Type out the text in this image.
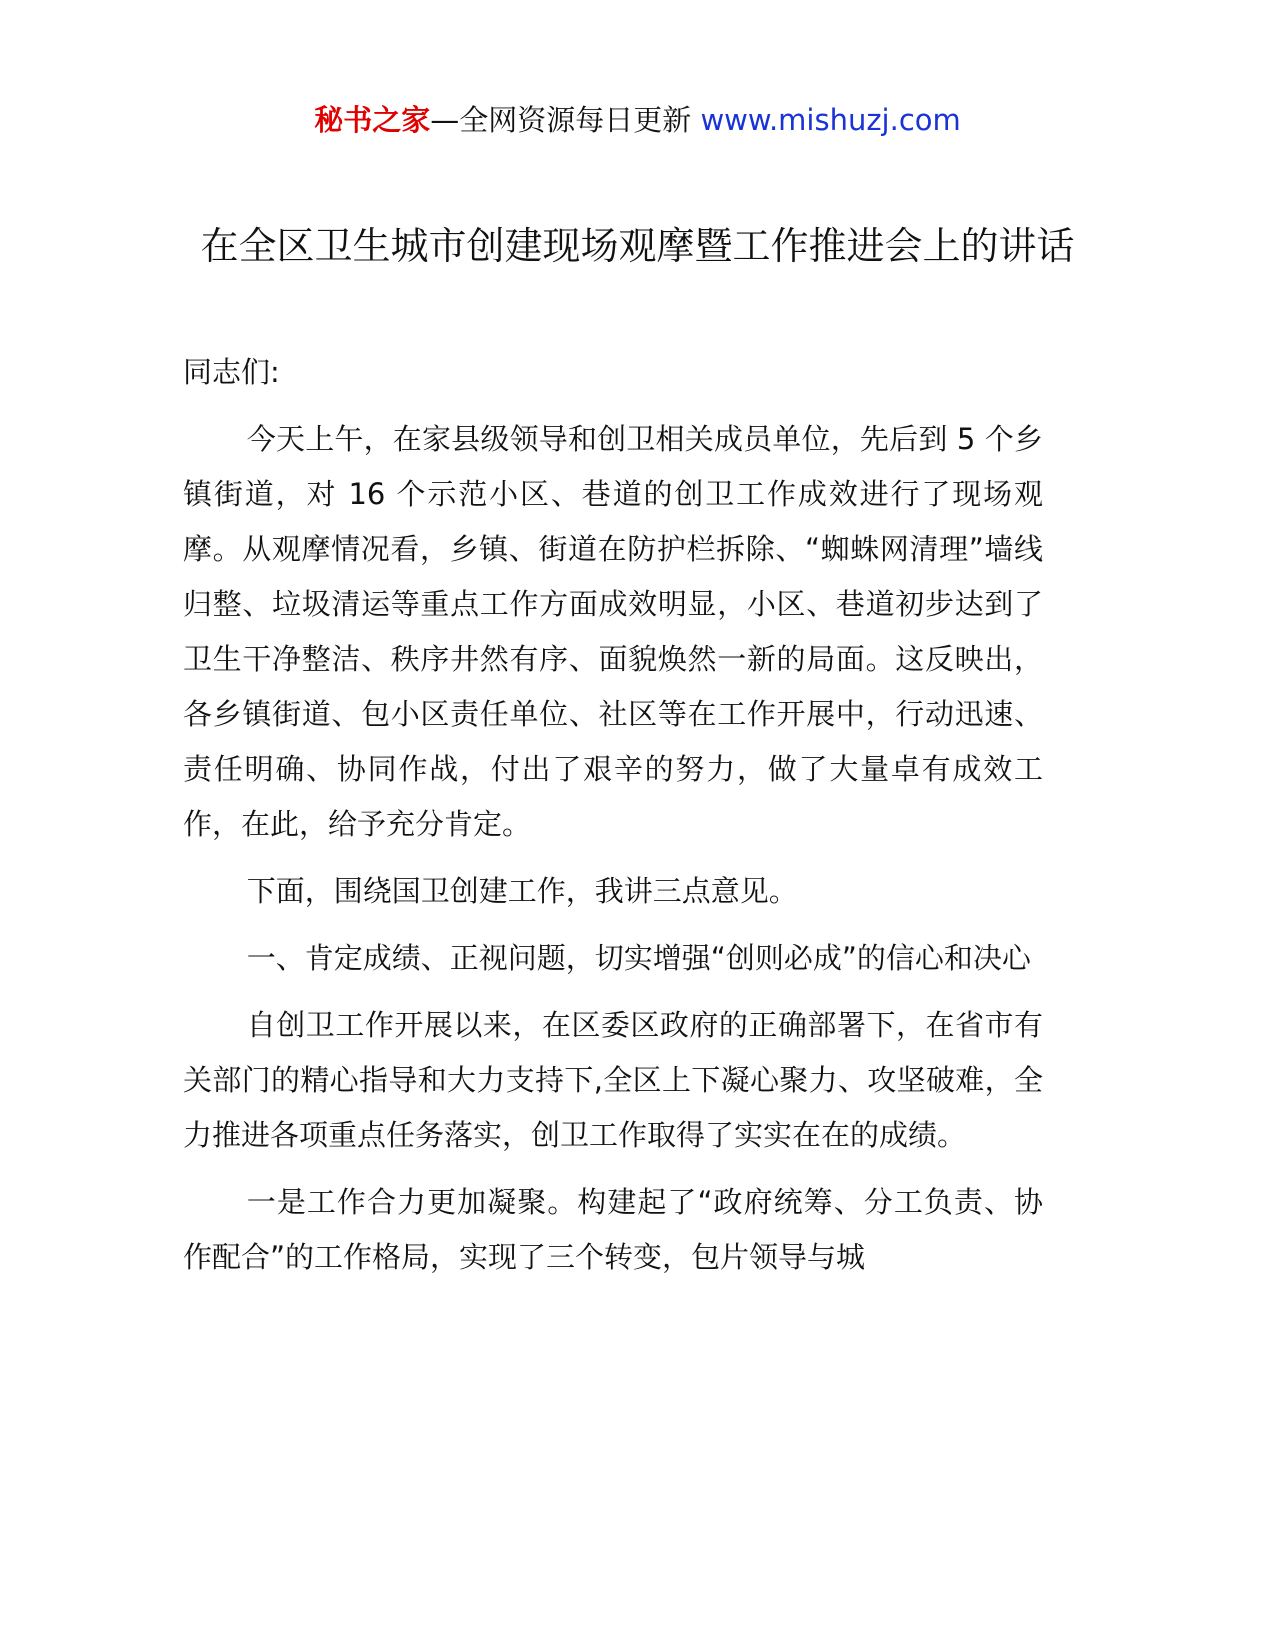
秘书之家—全网资源每日更新 www.mishuzj.com
在全区卫生城市创建现场观摩暨工作推进会上的讲话

同志们:

今天上午，在家县级领导和创卫相关成员单位，先后到 5 个乡镇街道，对 16 个示范小区、巷道的创卫工作成效进行了现场观摩。从观摩情况看，乡镇、街道在防护栏拆除、“蜘蛛网清理”墙线归整、垃圾清运等重点工作方面成效明显，小区、巷道初步达到了卫生干净整洁、秩序井然有序、面貌焕然一新的局面。这反映出，各乡镇街道、包小区责任单位、社区等在工作开展中，行动迅速、责任明确、协同作战，付出了艰辛的努力，做了大量卓有成效工作，在此，给予充分肯定。

下面，围绕国卫创建工作，我讲三点意见。

一、肯定成绩、正视问题，切实增强“创则必成”的信心和决心

自创卫工作开展以来，在区委区政府的正确部署下，在省市有关部门的精心指导和大力支持下,全区上下凝心聚力、攻坚破难，全力推进各项重点任务落实，创卫工作取得了实实在在的成绩。

一是工作合力更加凝聚。构建起了“政府统筹、分工负责、协作配合”的工作格局，实现了三个转变，包片领导与城
